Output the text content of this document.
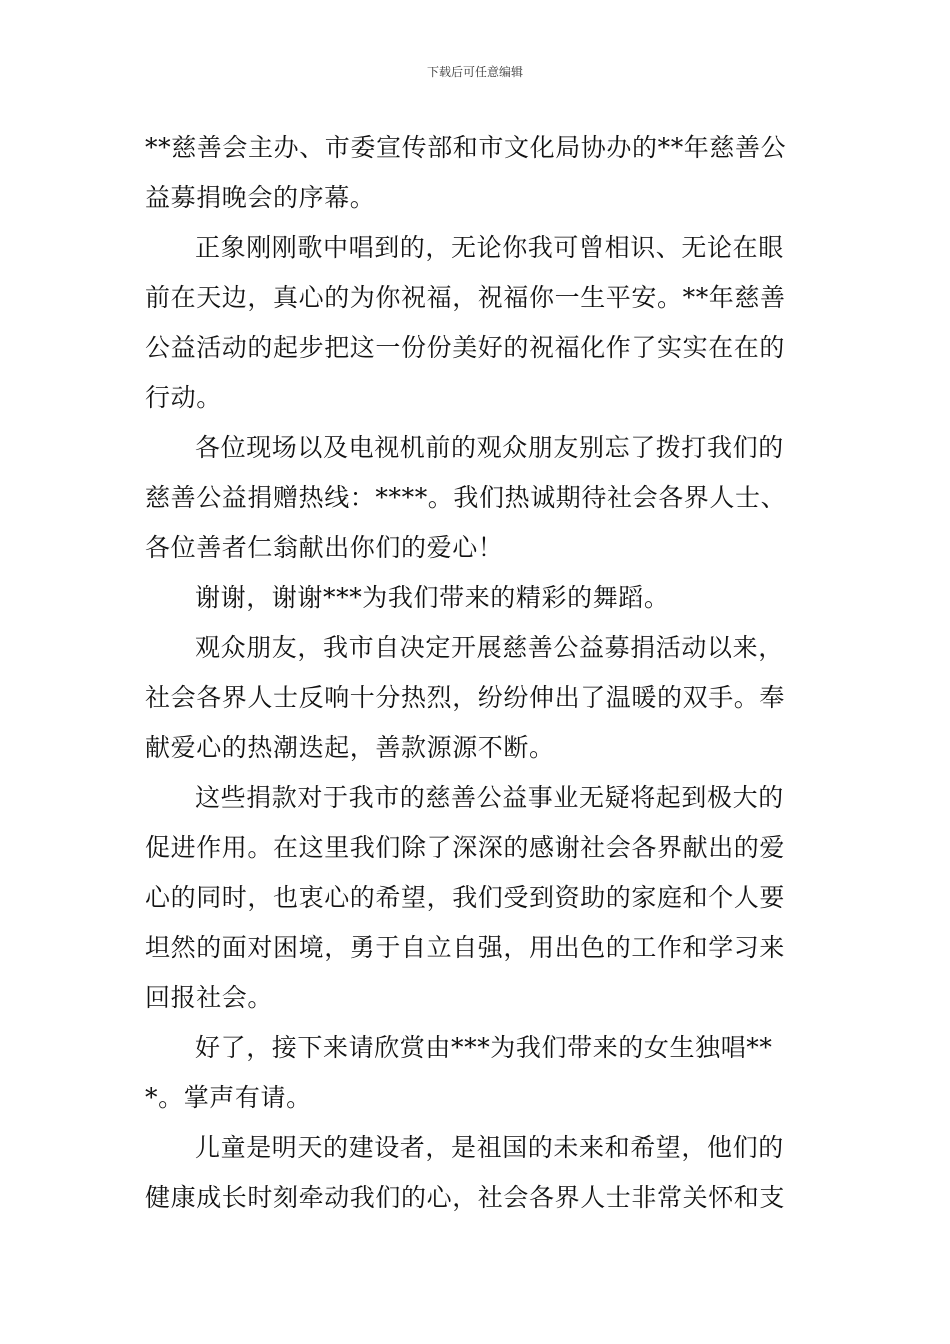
下载后可任意编辑

**慈善会主办、市委宣传部和市文化局协办的**年慈善公益募捐晚会的序幕。

正象刚刚歌中唱到的，无论你我可曾相识、无论在眼前在天边，真心的为你祝福，祝福你一生平安。**年慈善公益活动的起步把这一份份美好的祝福化作了实实在在的行动。

各位现场以及电视机前的观众朋友别忘了拨打我们的慈善公益捐赠热线：****。我们热诚期待社会各界人士、各位善者仁翁献出你们的爱心！

谢谢，谢谢***为我们带来的精彩的舞蹈。

观众朋友，我市自决定开展慈善公益募捐活动以来，社会各界人士反响十分热烈，纷纷伸出了温暖的双手。奉献爱心的热潮迭起，善款源源不断。

这些捐款对于我市的慈善公益事业无疑将起到极大的促进作用。在这里我们除了深深的感谢社会各界献出的爱心的同时，也衷心的希望，我们受到资助的家庭和个人要坦然的面对困境，勇于自立自强，用出色的工作和学习来回报社会。

好了，接下来请欣赏由***为我们带来的女生独唱***。掌声有请。

儿童是明天的建设者，是祖国的未来和希望，他们的健康成长时刻牵动我们的心，社会各界人士非常关怀和支
